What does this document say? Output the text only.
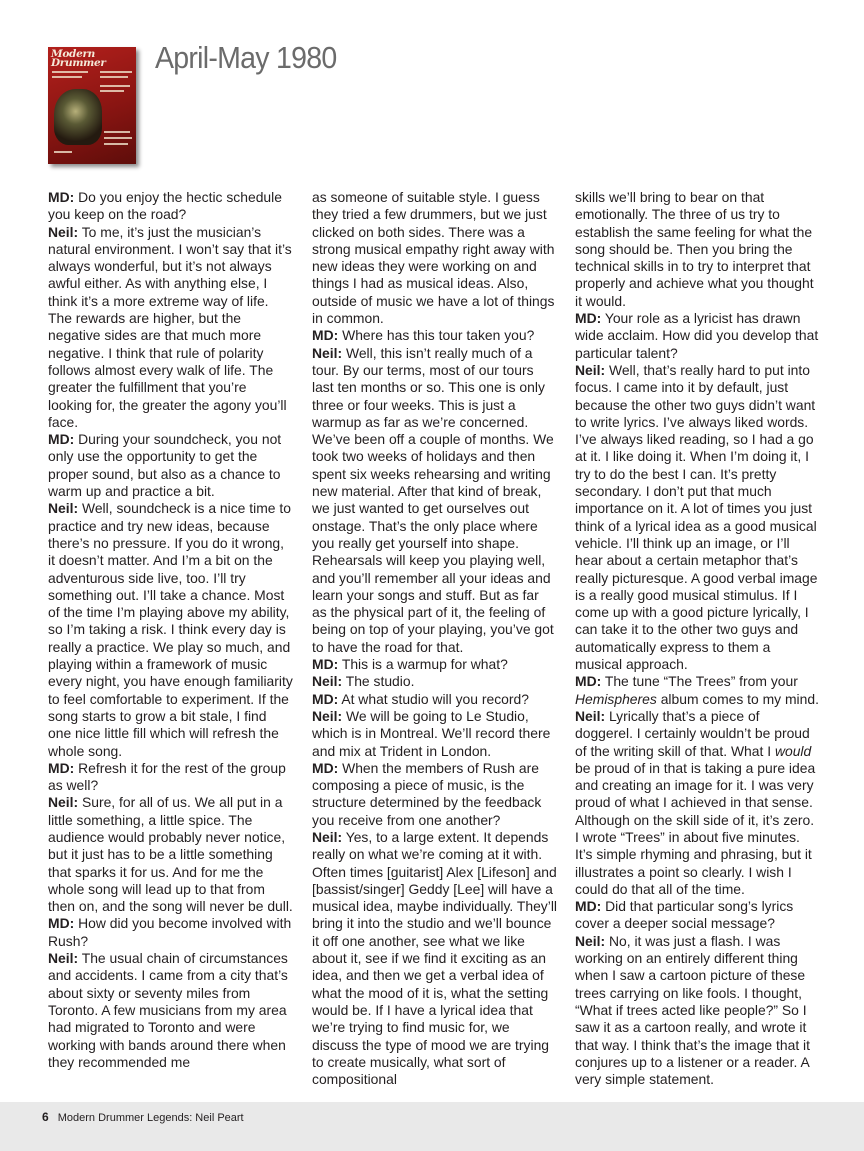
Modern
Drummer	April-May 1980

MD: Do you enjoy the hectic schedule you keep on the road?

Neil: To me, it’s just the musician’s natural environment. I won’t say that it’s always wonderful, but it’s not always awful either. As with anything else, I think it’s a more extreme way of life. The rewards are higher, but the negative sides are that much more negative. I think that rule of polarity follows almost every walk of life. The greater the fulfillment that you’re looking for, the greater the agony you’ll face.

MD: During your soundcheck, you not only use the opportunity to get the proper sound, but also as a chance to warm up and practice a bit.

Neil: Well, soundcheck is a nice time to practice and try new ideas, because there’s no pressure. If you do it wrong, it doesn’t matter. And I’m a bit on the adventurous side live, too. I’ll try something out. I’ll take a chance. Most of the time I’m playing above my ability, so I’m taking a risk. I think every day is really a practice. We play so much, and playing within a framework of music every night, you have enough familiarity to feel comfortable to experiment. If the song starts to grow a bit stale, I find one nice little fill which will refresh the whole song.

MD: Refresh it for the rest of the group as well?

Neil: Sure, for all of us. We all put in a little something, a little spice. The audience would probably never notice, but it just has to be a little something that sparks it for us. And for me the whole song will lead up to that from then on, and the song will never be dull.

MD: How did you become involved with Rush?

Neil: The usual chain of circumstances and accidents. I came from a city that’s about sixty or seventy miles from Toronto. A few musicians from my area had migrated to Toronto and were working with bands around there when they recommended me

as someone of suitable style. I guess they tried a few drummers, but we just clicked on both sides. There was a strong musical empathy right away with new ideas they were working on and things I had as musical ideas. Also, outside of music we have a lot of things in common.

MD: Where has this tour taken you?

Neil: Well, this isn’t really much of a tour. By our terms, most of our tours last ten months or so. This one is only three or four weeks. This is just a warmup as far as we’re concerned. We’ve been off a couple of months. We took two weeks of holidays and then spent six weeks rehearsing and writing new material. After that kind of break, we just wanted to get ourselves out onstage. That’s the only place where you really get yourself into shape. Rehearsals will keep you playing well, and you’ll remember all your ideas and learn your songs and stuff. But as far as the physical part of it, the feeling of being on top of your playing, you’ve got to have the road for that.

MD: This is a warmup for what?

Neil: The studio.

MD: At what studio will you record?

Neil: We will be going to Le Studio, which is in Montreal. We’ll record there and mix at Trident in London.

MD: When the members of Rush are composing a piece of music, is the structure determined by the feedback you receive from one another?

Neil: Yes, to a large extent. It depends really on what we’re coming at it with. Often times [guitarist] Alex [Lifeson] and [bassist/singer] Geddy [Lee] will have a musical idea, maybe individually. They’ll bring it into the studio and we’ll bounce it off one another, see what we like about it, see if we find it exciting as an idea, and then we get a verbal idea of what the mood of it is, what the setting would be. If I have a lyrical idea that we’re trying to find music for, we discuss the type of mood we are trying to create musically, what sort of compositional

skills we’ll bring to bear on that emotionally. The three of us try to establish the same feeling for what the song should be. Then you bring the technical skills in to try to interpret that properly and achieve what you thought it would.

MD: Your role as a lyricist has drawn wide acclaim. How did you develop that particular talent?

Neil: Well, that’s really hard to put into focus. I came into it by default, just because the other two guys didn’t want to write lyrics. I’ve always liked words. I’ve always liked reading, so I had a go at it. I like doing it. When I’m doing it, I try to do the best I can. It’s pretty secondary. I don’t put that much importance on it. A lot of times you just think of a lyrical idea as a good musical vehicle. I’ll think up an image, or I’ll hear about a certain metaphor that’s really picturesque. A good verbal image is a really good musical stimulus. If I come up with a good picture lyrically, I can take it to the other two guys and automatically express to them a musical approach.

MD: The tune “The Trees” from your Hemispheres album comes to my mind.

Neil: Lyrically that’s a piece of doggerel. I certainly wouldn’t be proud of the writing skill of that. What I would be proud of in that is taking a pure idea and creating an image for it. I was very proud of what I achieved in that sense. Although on the skill side of it, it’s zero. I wrote “Trees” in about five minutes. It’s simple rhyming and phrasing, but it illustrates a point so clearly. I wish I could do that all of the time.

MD: Did that particular song’s lyrics cover a deeper social message?

Neil: No, it was just a flash. I was working on an entirely different thing when I saw a cartoon picture of these trees carrying on like fools. I thought, “What if trees acted like people?” So I saw it as a cartoon really, and wrote it that way. I think that’s the image that it conjures up to a listener or a reader. A very simple statement.

6 Modern Drummer Legends: Neil Peart
